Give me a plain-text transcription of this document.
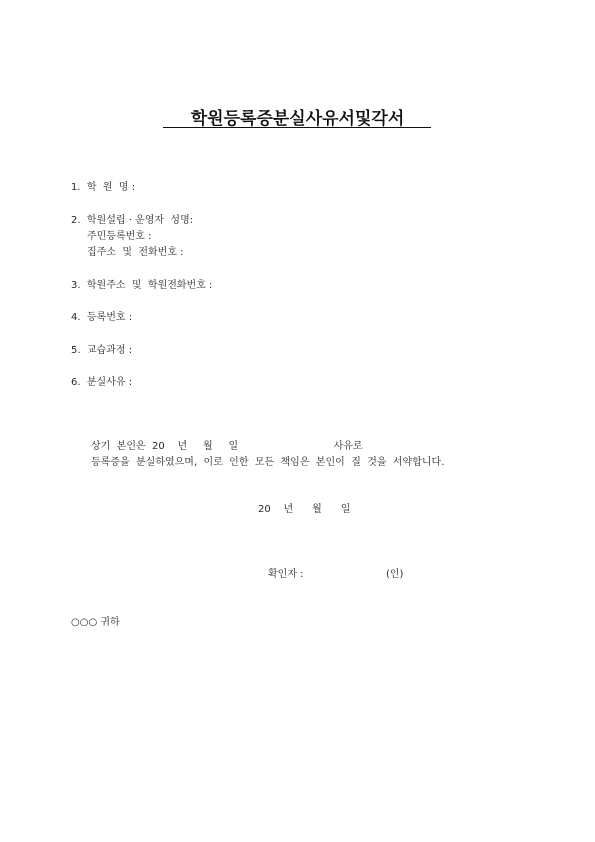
학원등록증분실사유서및각서
1.  학  원  명 :
2.  학원설립 · 운영자  성명:
주민등록번호 :
집주소  및  전화번호 :
3.  학원주소  및  학원전화번호 :
4.  등록번호 :
5.  교습과정 :
6.  분실사유 :
상기  본인은  20    년     월     일                              사유로
등록증을  분실하였으며,  이로  인한  모든  책임은  본인이  질  것을  서약합니다.
20    년      월      일
확인자 :	(인)
○○○ 귀하
